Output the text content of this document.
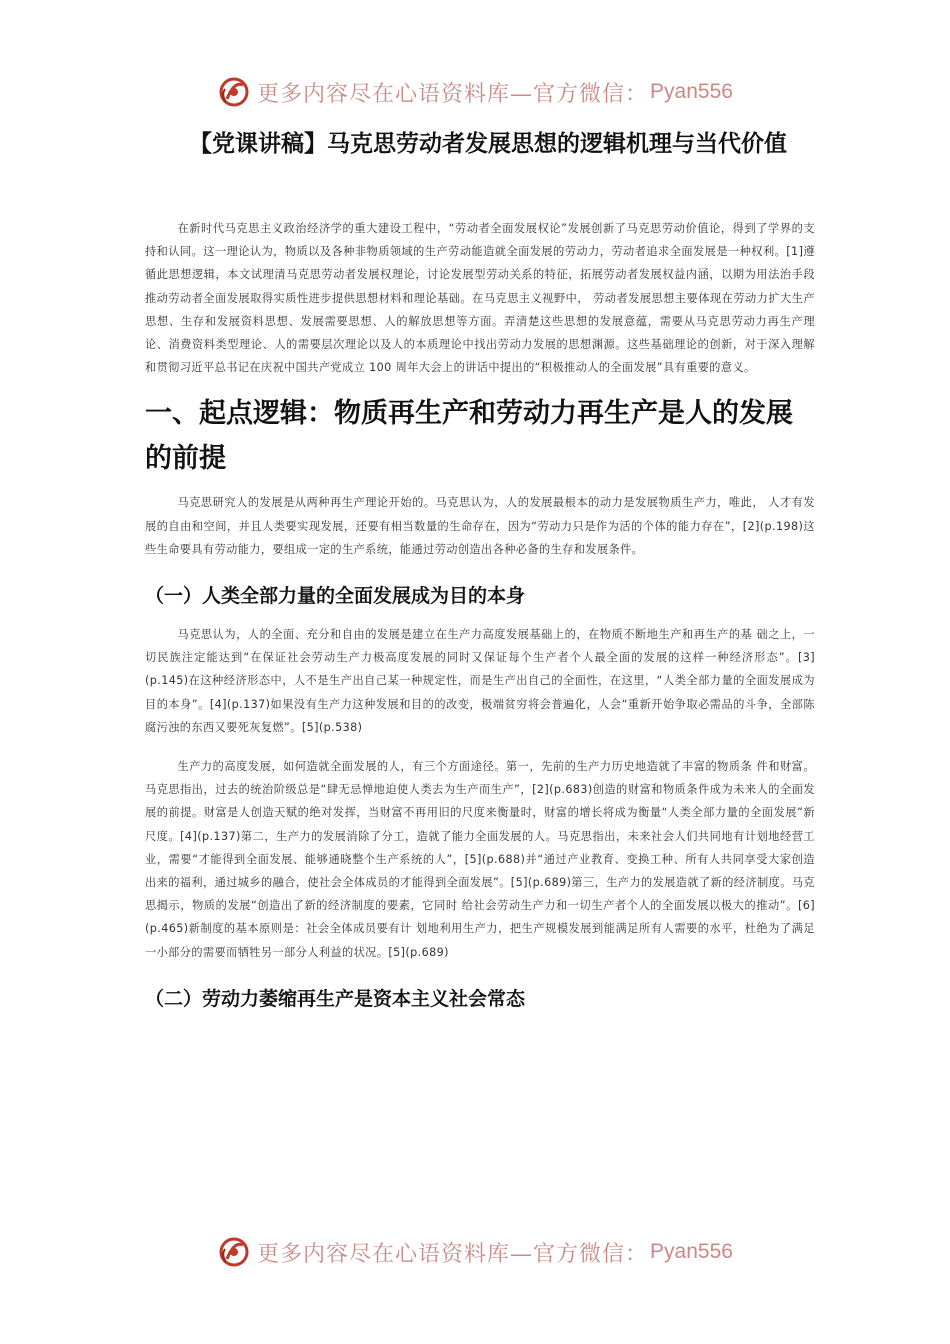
更多内容尽在心语资料库—官方微信： Pyan556
【党课讲稿】马克思劳动者发展思想的逻辑机理与当代价值

在新时代马克思主义政治经济学的重大建设工程中，“劳动者全面发展权论”发展创新了马克思劳动价值论，得到了学界的支持和认同。这一理论认为，物质以及各种非物质领域的生产劳动能造就全面发展的劳动力，劳动者追求全面发展是一种权利。[1]遵循此思想逻辑，本文试理清马克思劳动者发展权理论，讨论发展型劳动关系的特征，拓展劳动者发展权益内涵，以期为用法治手段推动劳动者全面发展取得实质性进步提供思想材料和理论基础。在马克思主义视野中， 劳动者发展思想主要体现在劳动力扩大生产思想、生存和发展资料思想、发展需要思想、人的解放思想等方面。弄清楚这些思想的发展意蕴，需要从马克思劳动力再生产理论、消费资料类型理论、人的需要层次理论以及人的本质理论中找出劳动力发展的思想渊源。这些基础理论的创新，对于深入理解和贯彻习近平总书记在庆祝中国共产党成立 100 周年大会上的讲话中提出的“积极推动人的全面发展”具有重要的意义。

一、起点逻辑：物质再生产和劳动力再生产是人的发展的前提

马克思研究人的发展是从两种再生产理论开始的。马克思认为，人的发展最根本的动力是发展物质生产力，唯此， 人才有发展的自由和空间，并且人类要实现发展，还要有相当数量的生命存在，因为“劳动力只是作为活的个体的能力存在”，[2](p.198)这些生命要具有劳动能力，要组成一定的生产系统，能通过劳动创造出各种必备的生存和发展条件。

（一）人类全部力量的全面发展成为目的本身

马克思认为，人的全面、充分和自由的发展是建立在生产力高度发展基础上的，在物质不断地生产和再生产的基 础之上，一切民族注定能达到“在保证社会劳动生产力极高度发展的同时又保证每个生产者个人最全面的发展的这样一种经济形态”。[3](p.145)在这种经济形态中，人不是生产出自己某一种规定性，而是生产出自己的全面性，在这里，“人类全部力量的全面发展成为目的本身”。[4](p.137)如果没有生产力这种发展和目的的改变，极端贫穷将会普遍化，人会“重新开始争取必需品的斗争，全部陈腐污浊的东西又要死灰复燃”。[5](p.538)

生产力的高度发展，如何造就全面发展的人，有三个方面途径。第一，先前的生产力历史地造就了丰富的物质条 件和财富。马克思指出，过去的统治阶级总是“肆无忌惮地迫使人类去为生产而生产”，[2](p.683)创造的财富和物质条件成为未来人的全面发展的前提。财富是人创造天赋的绝对发挥，当财富不再用旧的尺度来衡量时，财富的增长将成为衡量“人类全部力量的全面发展”新尺度。[4](p.137)第二，生产力的发展消除了分工，造就了能力全面发展的人。马克思指出，未来社会人们共同地有计划地经营工业，需要“才能得到全面发展、能够通晓整个生产系统的人”，[5](p.688)并“通过产业教育、变换工种、所有人共同享受大家创造出来的福利，通过城乡的融合，使社会全体成员的才能得到全面发展”。[5](p.689)第三，生产力的发展造就了新的经济制度。马克思揭示，物质的发展“创造出了新的经济制度的要素，它同时 给社会劳动生产力和一切生产者个人的全面发展以极大的推动”。[6](p.465)新制度的基本原则是：社会全体成员要有计 划地利用生产力，把生产规模发展到能满足所有人需要的水平，杜绝为了满足一小部分的需要而牺牲另一部分人利益的状况。[5](p.689)

（二）劳动力萎缩再生产是资本主义社会常态
更多内容尽在心语资料库—官方微信： Pyan556
